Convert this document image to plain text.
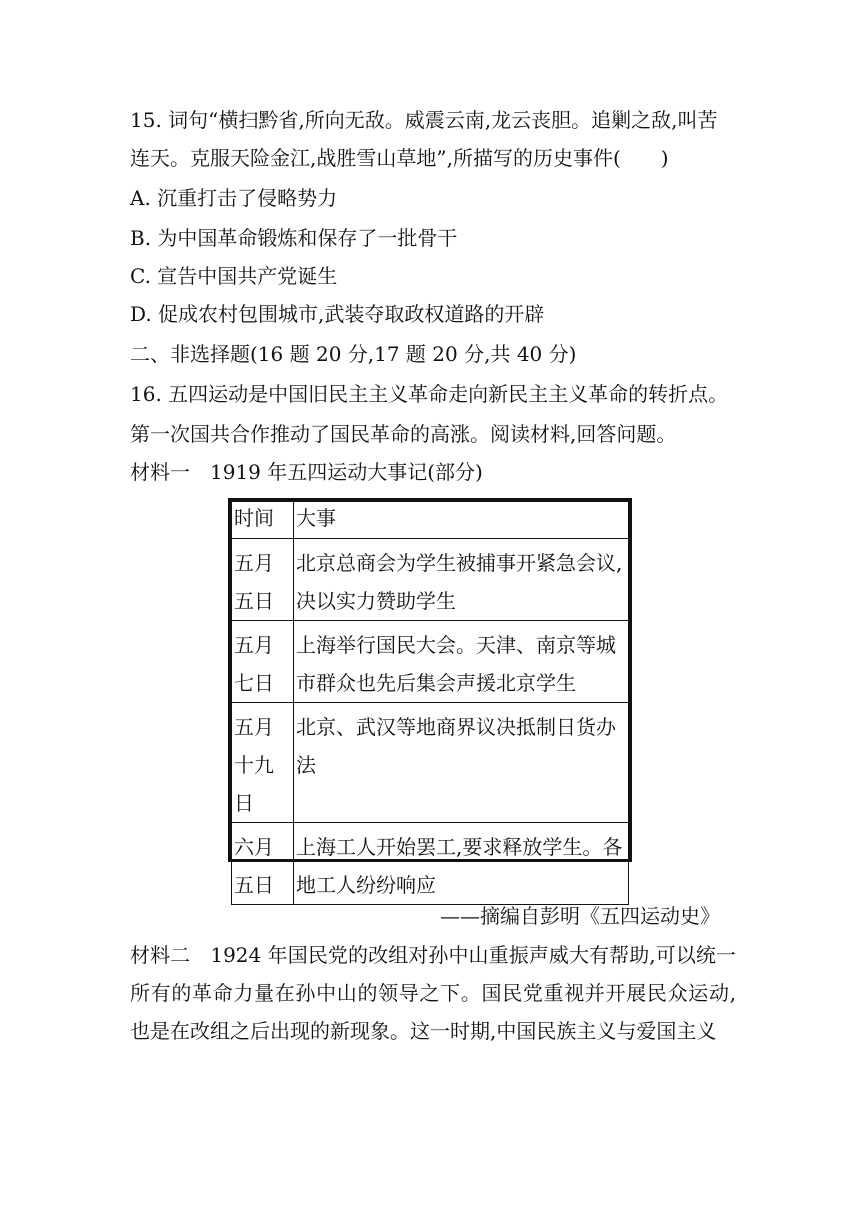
15. 词句“横扫黔省,所向无敌。威震云南,龙云丧胆。追剿之敌,叫苦
连天。克服天险金江,战胜雪山草地”,所描写的历史事件(　　)
A. 沉重打击了侵略势力
B. 为中国革命锻炼和保存了一批骨干
C. 宣告中国共产党诞生
D. 促成农村包围城市,武装夺取政权道路的开辟
二、非选择题(16 题 20 分,17 题 20 分,共 40 分)
16. 五四运动是中国旧民主主义革命走向新民主主义革命的转折点。
第一次国共合作推动了国民革命的高涨。阅读材料,回答问题。
材料一　1919 年五四运动大事记(部分)
时间	大事
五月五日	北京总商会为学生被捕事开紧急会议,决以实力赞助学生
五月七日	上海举行国民大会。天津、南京等城市群众也先后集会声援北京学生
五月十九日	北京、武汉等地商界议决抵制日货办法
六月五日	上海工人开始罢工,要求释放学生。各地工人纷纷响应
——摘编自彭明《五四运动史》
材料二　1924 年国民党的改组对孙中山重振声威大有帮助,可以统一所有的革命力量在孙中山的领导之下。国民党重视并开展民众运动,也是在改组之后出现的新现象。这一时期,中国民族主义与爱国主义
